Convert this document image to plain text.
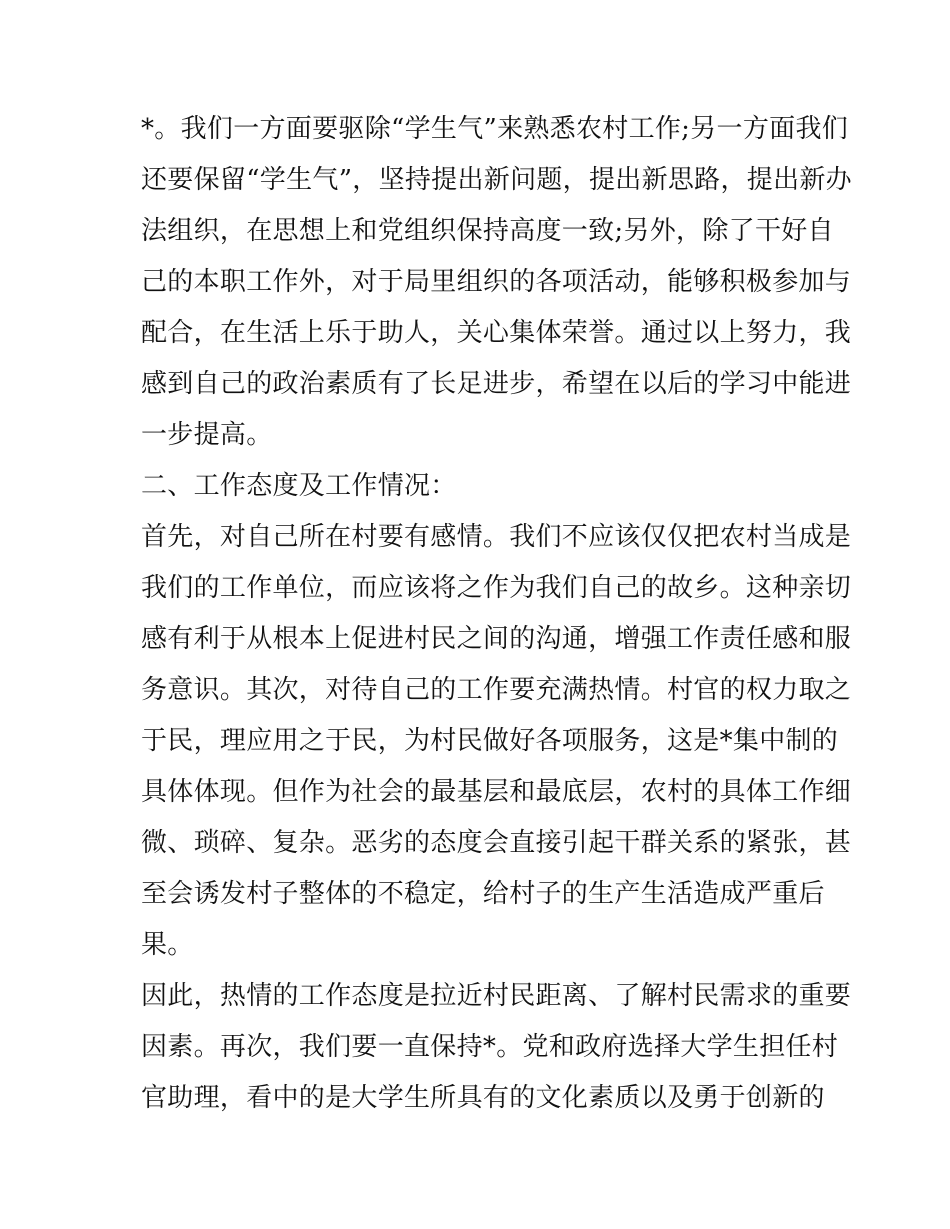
*。我们一方面要驱除“学生气”来熟悉农村工作;另一方面我们
还要保留“学生气”，坚持提出新问题，提出新思路，提出新办
法组织，在思想上和党组织保持高度一致;另外，除了干好自
己的本职工作外，对于局里组织的各项活动，能够积极参加与
配合，在生活上乐于助人，关心集体荣誉。通过以上努力，我
感到自己的政治素质有了长足进步，希望在以后的学习中能进
一步提高。
二、工作态度及工作情况：
首先，对自己所在村要有感情。我们不应该仅仅把农村当成是
我们的工作单位，而应该将之作为我们自己的故乡。这种亲切
感有利于从根本上促进村民之间的沟通，增强工作责任感和服
务意识。其次，对待自己的工作要充满热情。村官的权力取之
于民，理应用之于民，为村民做好各项服务，这是*集中制的
具体体现。但作为社会的最基层和最底层，农村的具体工作细
微、琐碎、复杂。恶劣的态度会直接引起干群关系的紧张，甚
至会诱发村子整体的不稳定，给村子的生产生活造成严重后
果。
因此，热情的工作态度是拉近村民距离、了解村民需求的重要
因素。再次，我们要一直保持*。党和政府选择大学生担任村
官助理，看中的是大学生所具有的文化素质以及勇于创新的
